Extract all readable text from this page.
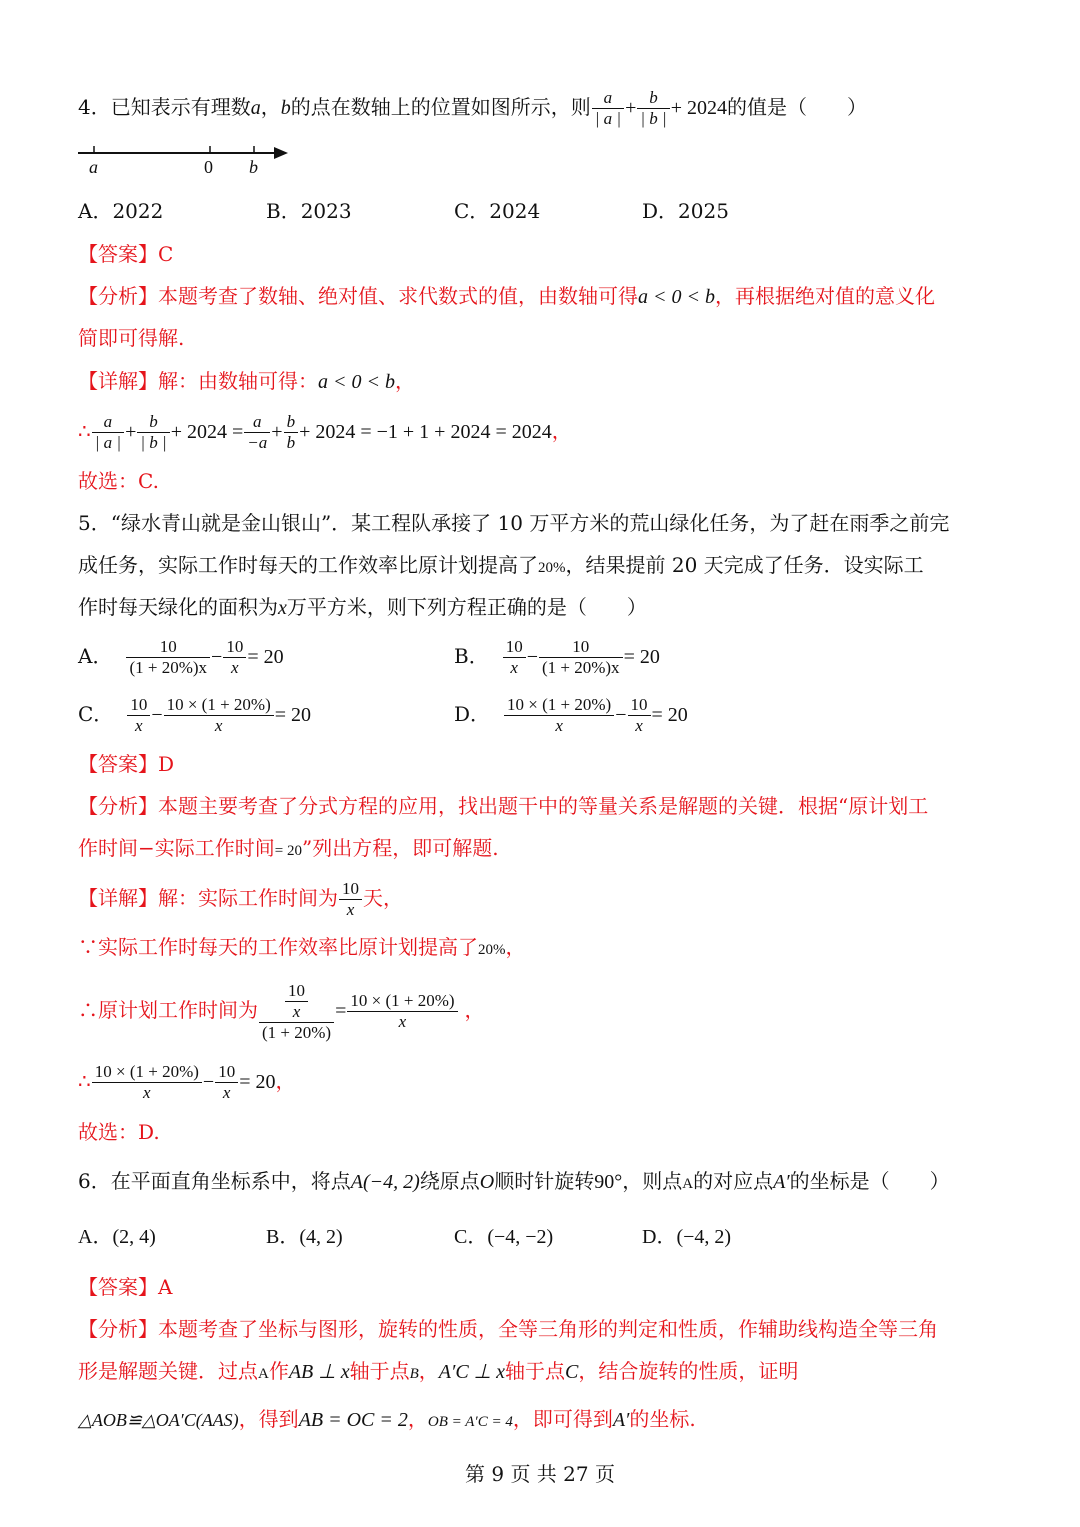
4．已知表示有理数a，b的点在数轴上的位置如图所示，则 $\frac{a}{| a |} + \frac{b}{| b |} + 2024$的值是（　　）
a	0 b
A．2022	B．2023	C．2024	D．2025
【答案】C
【分析】本题考查了数轴、绝对值、求代数式的值，由数轴可得a < 0 < b，再根据绝对值的意义化
简即可得解.
【详解】解：由数轴可得：a < 0 < b，
∴ $\frac{a}{| a |} + \frac{b}{| b |} + 2024 = \frac{a}{-a} + \frac{b}{b} + 2024 = -1 + 1 + 2024 = 2024$，
故选：C.
5．“绿水青山就是金山银山”．某工程队承接了 10 万平方米的荒山绿化任务，为了赶在雨季之前完
成任务，实际工作时每天的工作效率比原计划提高了20%，结果提前 20 天完成了任务．设实际工
作时每天绿化的面积为x万平方米，则下列方程正确的是（　　）
A． $\frac{10}{(1 + 20\%)x} - \frac{10}{x} = 20$	B． $\frac{10}{x} - \frac{10}{(1 + 20\%)x} = 20$
C． $\frac{10}{x} - \frac{10 \times (1 + 20\%)}{x} = 20$	D． $\frac{10 \times (1 + 20\%)}{x} - \frac{10}{x} = 20$
【答案】D
【分析】本题主要考查了分式方程的应用，找出题干中的等量关系是解题的关键．根据“原计划工
作时间−实际工作时间= 20”列出方程，即可解题.
【详解】解：实际工作时间为 $\frac{10}{x}$ 天，
∵实际工作时每天的工作效率比原计划提高了20%，
∴原计划工作时间为 $\frac{\frac{10}{x}}{(1 + 20\%)} = \frac{10 \times (1 + 20\%)}{x}$ ，
∴ $\frac{10 \times (1 + 20\%)}{x} - \frac{10}{x} = 20$，
故选：D.
6．在平面直角坐标系中，将点A(−4, 2)绕原点O顺时针旋转90°，则点A的对应点A′的坐标是（　　）
A．(2, 4)	B．(4, 2)	C．(−4, −2)	D．(−4, 2)
【答案】A
【分析】本题考查了坐标与图形，旋转的性质，全等三角形的判定和性质，作辅助线构造全等三角
形是解题关键．过点A作AB ⊥ x轴于点B，A′C ⊥ x轴于点C，结合旋转的性质，证明
△AOB≌△OA′C(AAS)，得到AB = OC = 2，OB = A′C = 4，即可得到A′的坐标.
第 9 页 共 27 页
